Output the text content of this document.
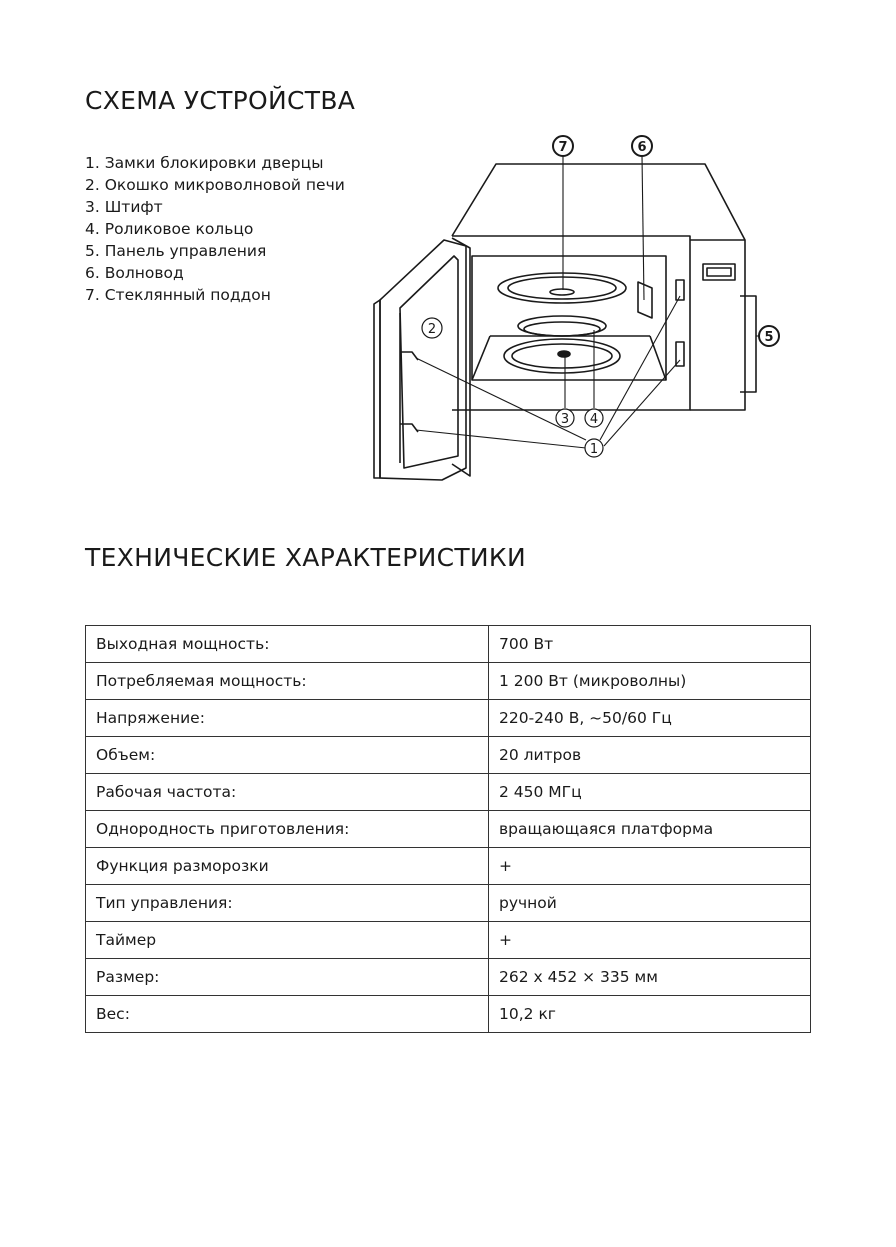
СХЕМА УСТРОЙСТВА
1. Замки блокировки дверцы
2. Окошко микроволновой печи
3. Штифт
4. Роликовое кольцо
5. Панель управления
6. Волновод
7. Стеклянный поддон
7	6
5
2
3 4
1
ТЕХНИЧЕСКИЕ ХАРАКТЕРИСТИКИ
Выходная мощность:	700 Вт
Потребляемая мощность:	1 200 Вт (микроволны)
Напряжение:	220-240 В, ~50/60 Гц
Объем:	20 литров
Рабочая частота:	2 450 МГц
Однородность приготовления:	вращающаяся платформа
Функция разморозки	+
Тип управления:	ручной
Таймер	+
Размер:	262 x 452 × 335 мм
Вес:	10,2 кг
